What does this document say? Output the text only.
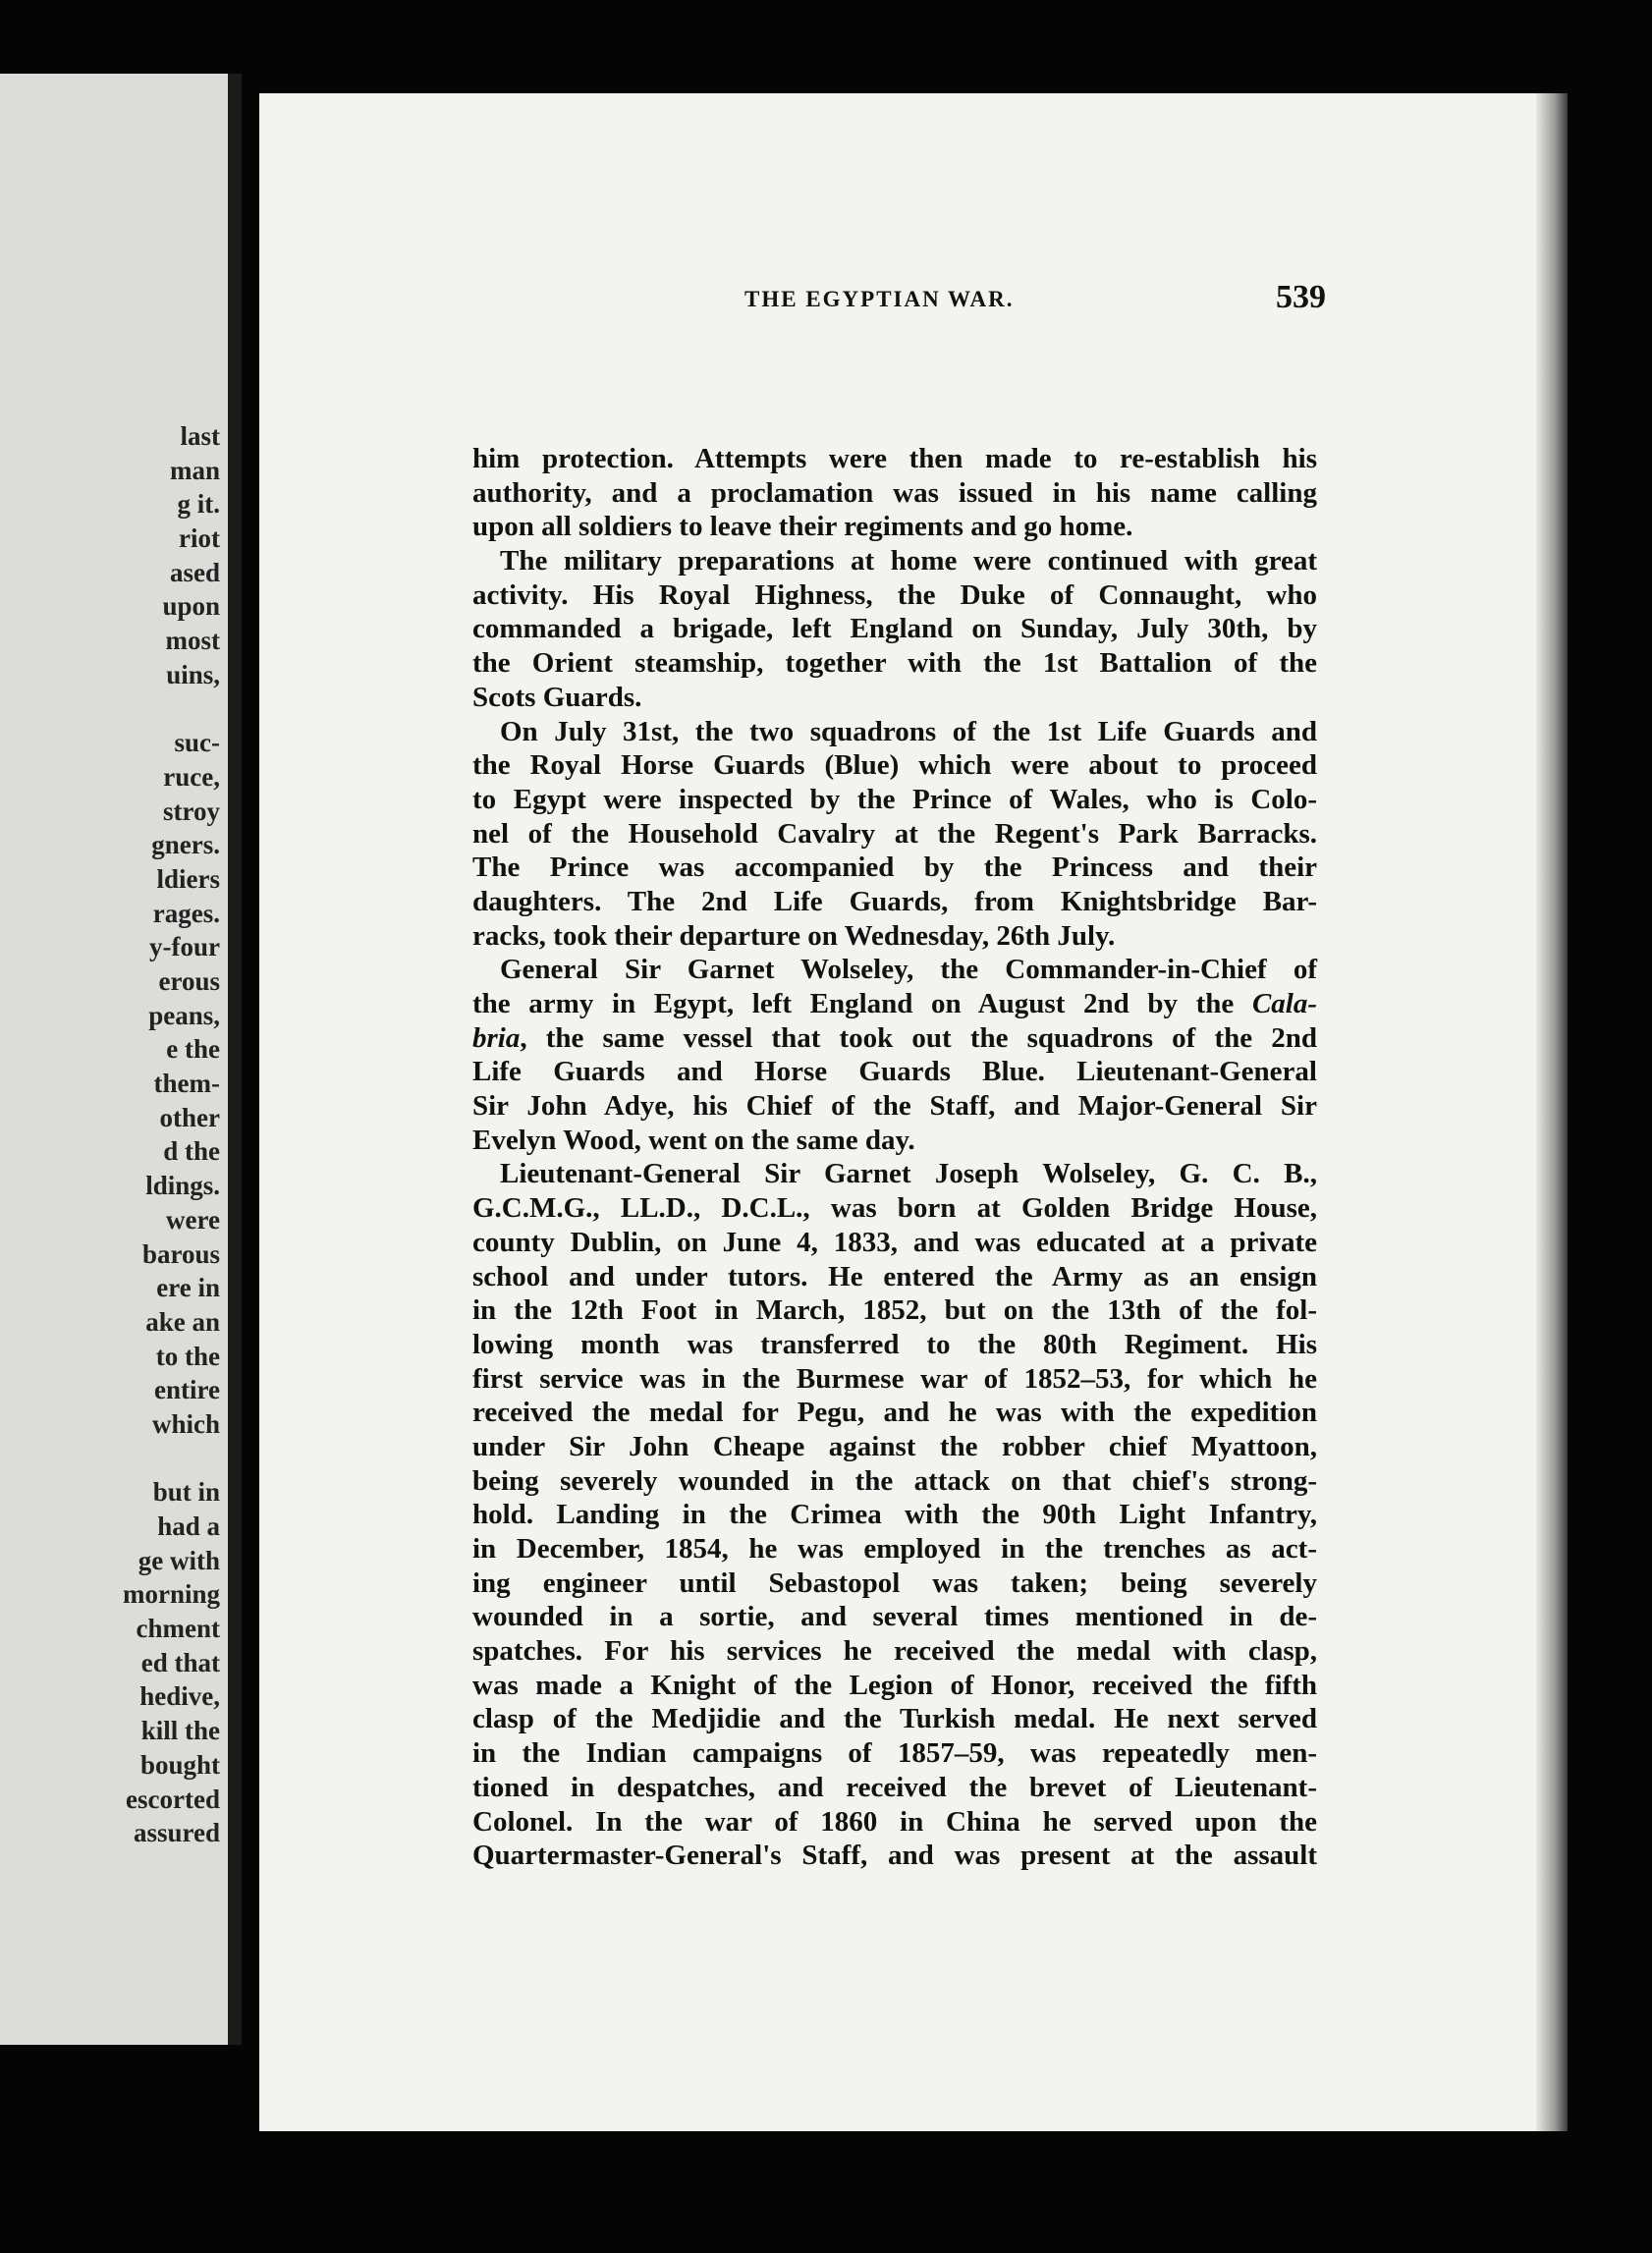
last
man
g it.
riot
ased
upon
most
uins,
suc-
ruce,
stroy
gners.
ldiers
rages.
y-four
erous
peans,
e the
them-
other
d the
ldings.
were
barous
ere in
ake an
to the
entire
which
but in
had a
ge with
morning
chment
ed that
hedive,
kill the
bought
escorted
assured
THE EGYPTIAN WAR.	539
him protection. Attempts were then made to re-establish his
authority, and a proclamation was issued in his name calling
upon all soldiers to leave their regiments and go home.
The military preparations at home were continued with great
activity. His Royal Highness, the Duke of Connaught, who
commanded a brigade, left England on Sunday, July 30th, by
the Orient steamship, together with the 1st Battalion of the
Scots Guards.
On July 31st, the two squadrons of the 1st Life Guards and
the Royal Horse Guards (Blue) which were about to proceed
to Egypt were inspected by the Prince of Wales, who is Colo-
nel of the Household Cavalry at the Regent's Park Barracks.
The Prince was accompanied by the Princess and their
daughters. The 2nd Life Guards, from Knightsbridge Bar-
racks, took their departure on Wednesday, 26th July.
General Sir Garnet Wolseley, the Commander-in-Chief of
the army in Egypt, left England on August 2nd by the Cala-
bria, the same vessel that took out the squadrons of the 2nd
Life Guards and Horse Guards Blue. Lieutenant-General
Sir John Adye, his Chief of the Staff, and Major-General Sir
Evelyn Wood, went on the same day.
Lieutenant-General Sir Garnet Joseph Wolseley, G. C. B.,
G.C.M.G., LL.D., D.C.L., was born at Golden Bridge House,
county Dublin, on June 4, 1833, and was educated at a private
school and under tutors. He entered the Army as an ensign
in the 12th Foot in March, 1852, but on the 13th of the fol-
lowing month was transferred to the 80th Regiment. His
first service was in the Burmese war of 1852–53, for which he
received the medal for Pegu, and he was with the expedition
under Sir John Cheape against the robber chief Myattoon,
being severely wounded in the attack on that chief's strong-
hold. Landing in the Crimea with the 90th Light Infantry,
in December, 1854, he was employed in the trenches as act-
ing engineer until Sebastopol was taken; being severely
wounded in a sortie, and several times mentioned in de-
spatches. For his services he received the medal with clasp,
was made a Knight of the Legion of Honor, received the fifth
clasp of the Medjidie and the Turkish medal. He next served
in the Indian campaigns of 1857–59, was repeatedly men-
tioned in despatches, and received the brevet of Lieutenant-
Colonel. In the war of 1860 in China he served upon the
Quartermaster-General's Staff, and was present at the assault
